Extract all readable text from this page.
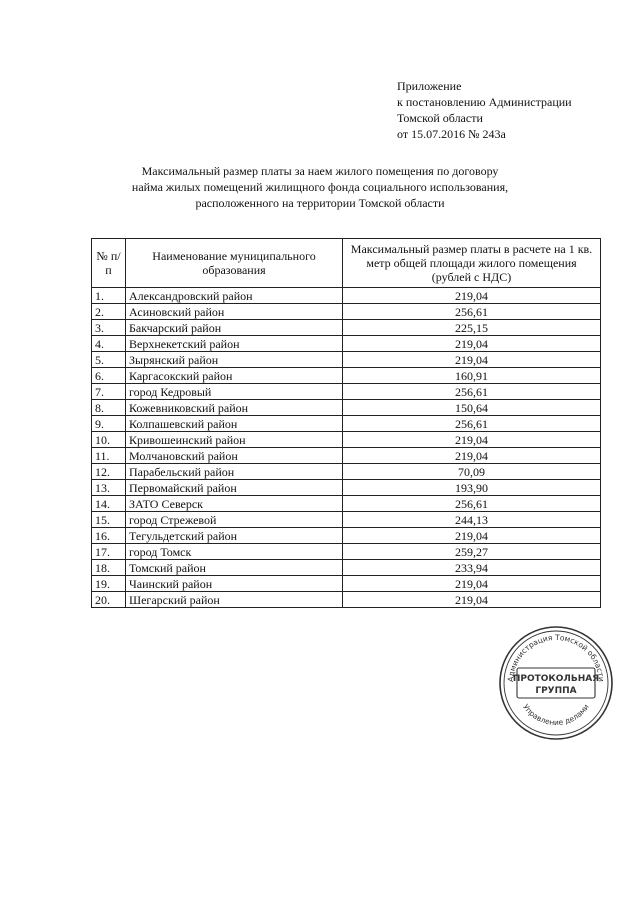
Приложение
к постановлению Администрации
Томской области
от 15.07.2016 № 243а
Максимальный размер платы за наем жилого помещения по договору
найма жилых помещений жилищного фонда социального использования,
расположенного на территории Томской области
№ п/п	Наименование муниципального образования	Максимальный размер платы в расчете на 1 кв. метр общей площади жилого помещения (рублей с НДС)
1.	Александровский район	219,04
2.	Асиновский район	256,61
3.	Бакчарский район	225,15
4.	Верхнекетский район	219,04
5.	Зырянский район	219,04
6.	Каргасокский район	160,91
7.	город Кедровый	256,61
8.	Кожевниковский район	150,64
9.	Колпашевский район	256,61
10.	Кривошеинский район	219,04
11.	Молчановский район	219,04
12.	Парабельский район	70,09
13.	Первомайский район	193,90
14.	ЗАТО Северск	256,61
15.	город Стрежевой	244,13
16.	Тегульдетский район	219,04
17.	город Томск	259,27
18.	Томский район	233,94
19.	Чаинский район	219,04
20.	Шегарский район	219,04
Администрация Томской области
Управление делами
ПРОТОКОЛЬНАЯ
ГРУППА
